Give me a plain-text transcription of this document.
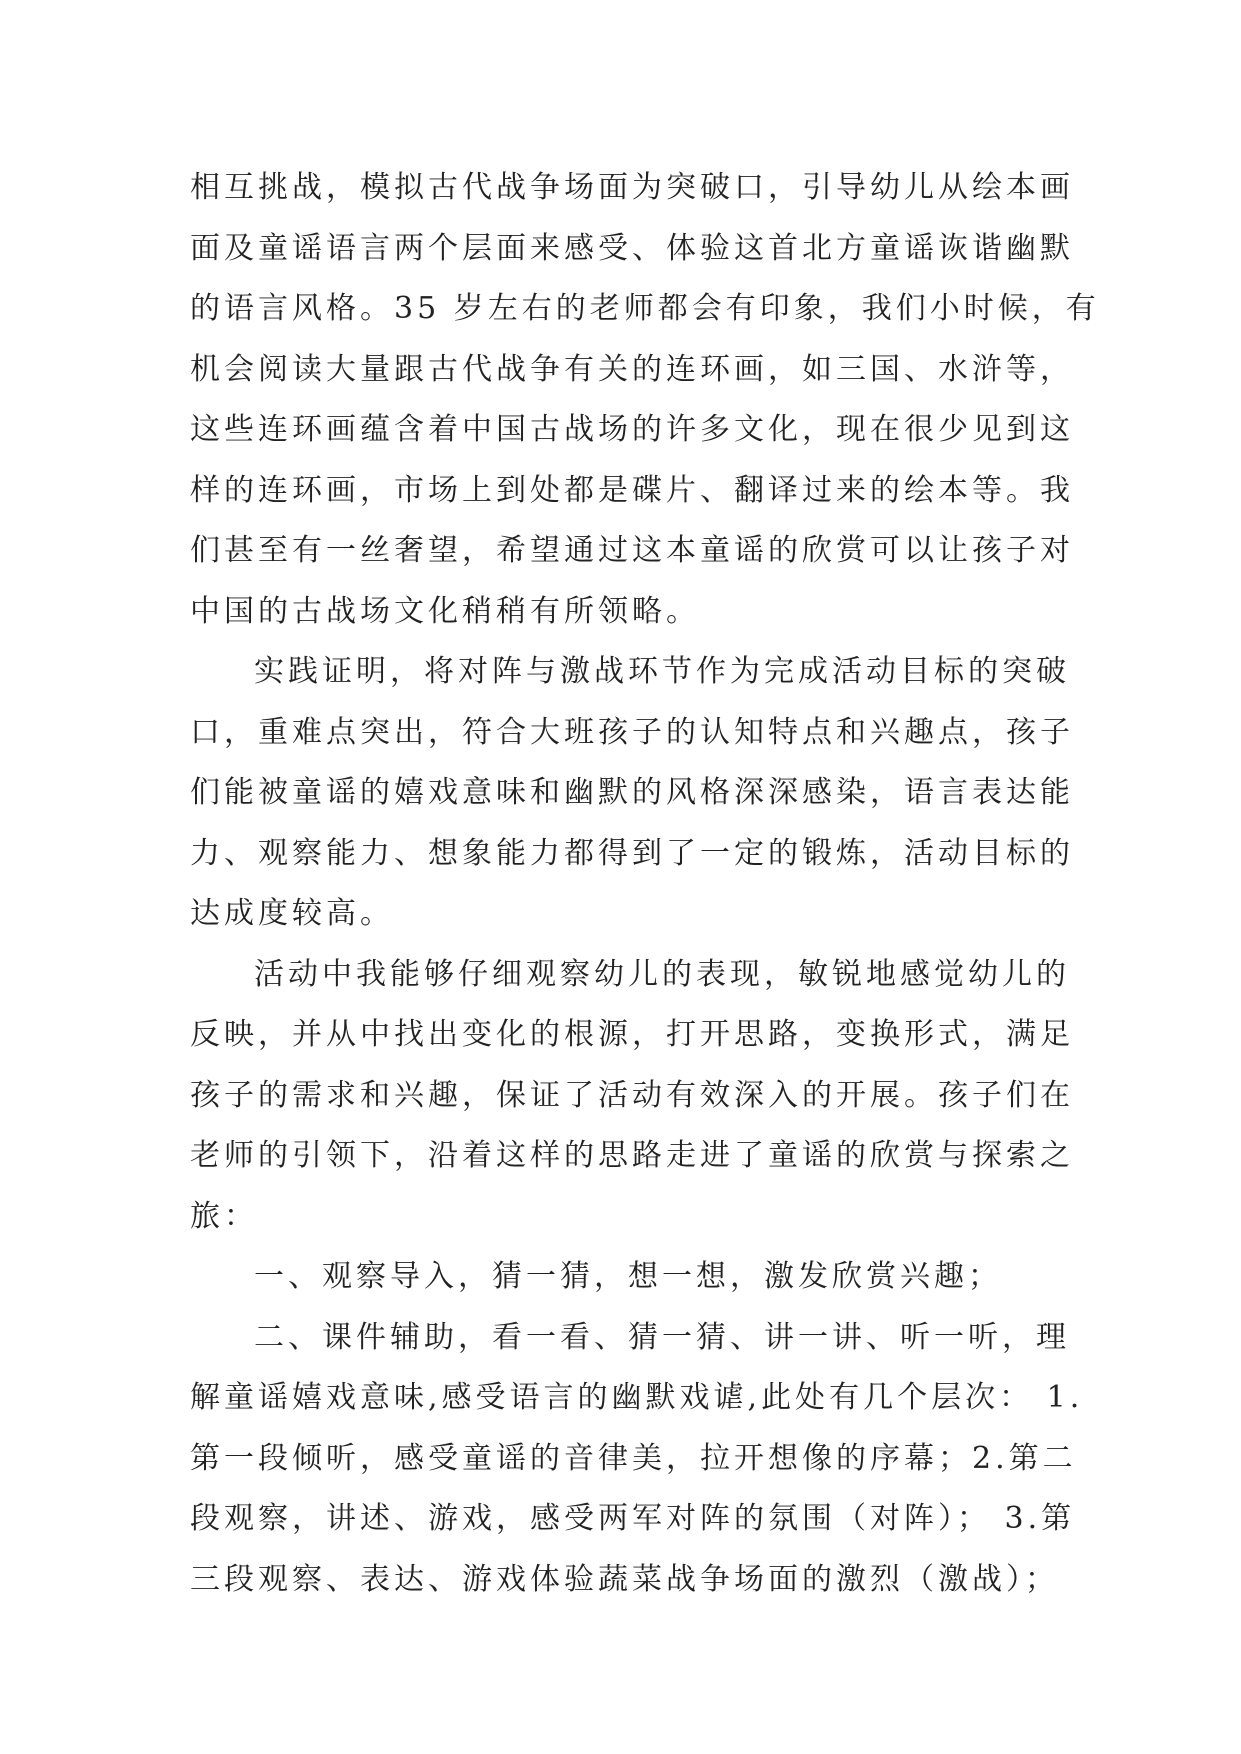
相互挑战，模拟古代战争场面为突破口，引导幼儿从绘本画
面及童谣语言两个层面来感受、体验这首北方童谣诙谐幽默
的语言风格。35 岁左右的老师都会有印象，我们小时候，有
机会阅读大量跟古代战争有关的连环画，如三国、水浒等，
这些连环画蕴含着中国古战场的许多文化，现在很少见到这
样的连环画，市场上到处都是碟片、翻译过来的绘本等。我
们甚至有一丝奢望，希望通过这本童谣的欣赏可以让孩子对
中国的古战场文化稍稍有所领略。
实践证明，将对阵与激战环节作为完成活动目标的突破
口，重难点突出，符合大班孩子的认知特点和兴趣点，孩子
们能被童谣的嬉戏意味和幽默的风格深深感染，语言表达能
力、观察能力、想象能力都得到了一定的锻炼，活动目标的
达成度较高。
活动中我能够仔细观察幼儿的表现，敏锐地感觉幼儿的
反映，并从中找出变化的根源，打开思路，变换形式，满足
孩子的需求和兴趣，保证了活动有效深入的开展。孩子们在
老师的引领下，沿着这样的思路走进了童谣的欣赏与探索之
旅：
一、观察导入，猜一猜，想一想，激发欣赏兴趣；
二、课件辅助，看一看、猜一猜、讲一讲、听一听，理
解童谣嬉戏意味,感受语言的幽默戏谑,此处有几个层次： 1.
第一段倾听，感受童谣的音律美，拉开想像的序幕；2.第二
段观察，讲述、游戏，感受两军对阵的氛围（对阵）； 3.第
三段观察、表达、游戏体验蔬菜战争场面的激烈（激战）；
